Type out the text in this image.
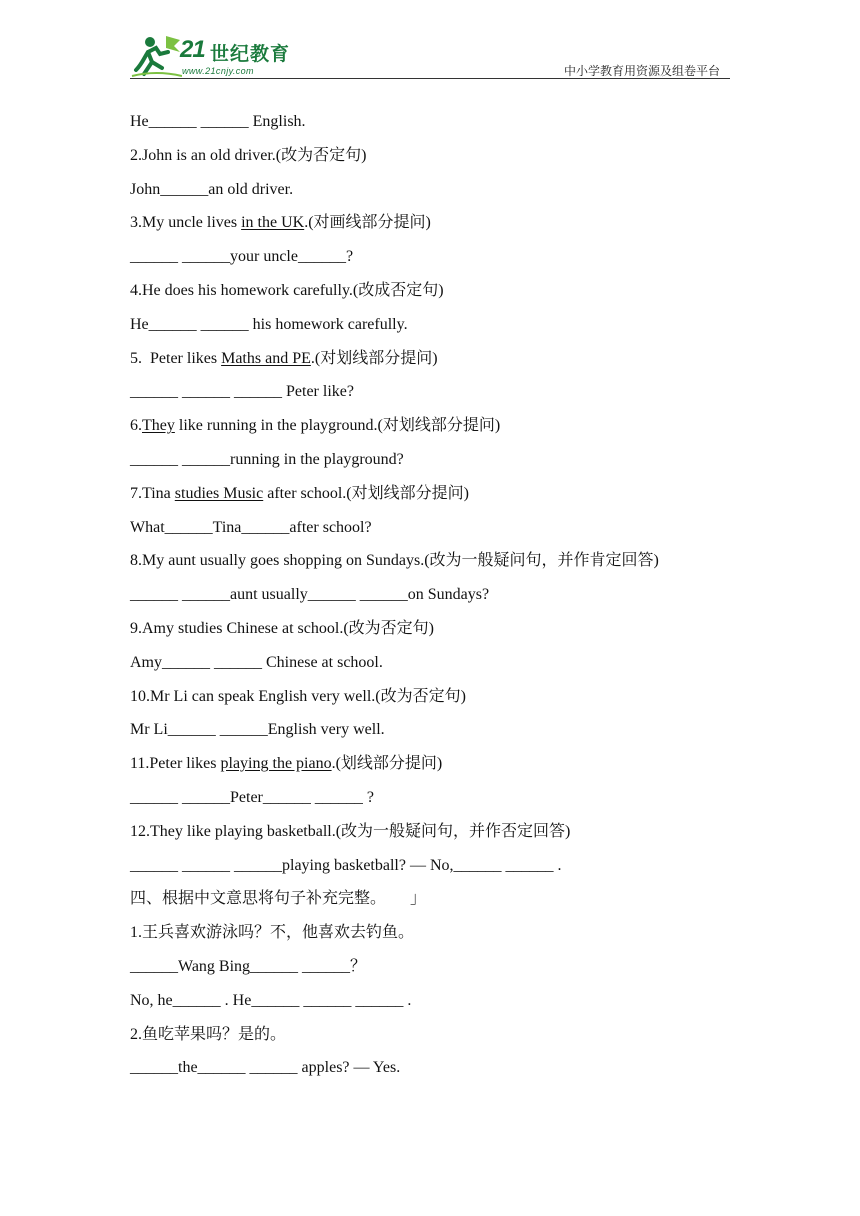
21 世纪教育
www.21cnjy.com	中小学教育用资源及组卷平台
He______ ______ English.
2.John is an old driver.(改为否定句)
John______an old driver.
3.My uncle lives in the UK.(对画线部分提问)
______ ______your uncle______?
4.He does his homework carefully.(改成否定句)
He______ ______ his homework carefully.
5.  Peter likes Maths and PE.(对划线部分提问)
______ ______ ______ Peter like?
6.They like running in the playground.(对划线部分提问)
______ ______running in the playground?
7.Tina studies Music after school.(对划线部分提问)
What______Tina______after school?
8.My aunt usually goes shopping on Sundays.(改为一般疑问句，并作肯定回答)
______ ______aunt usually______ ______on Sundays?
9.Amy studies Chinese at school.(改为否定句)
Amy______ ______ Chinese at school.
10.Mr Li can speak English very well.(改为否定句)
Mr Li______ ______English very well.
11.Peter likes playing the piano.(划线部分提问)
______ ______Peter______ ______ ?
12.They like playing basketball.(改为一般疑问句，并作否定回答)
______ ______ ______playing basketball? — No,______ ______ .
四、根据中文意思将句子补充完整。      」
1.王兵喜欢游泳吗？不，他喜欢去钓鱼。
______Wang Bing______ ______？
No, he______ . He______ ______ ______ .
2.鱼吃苹果吗？是的。
______the______ ______ apples? — Yes.
